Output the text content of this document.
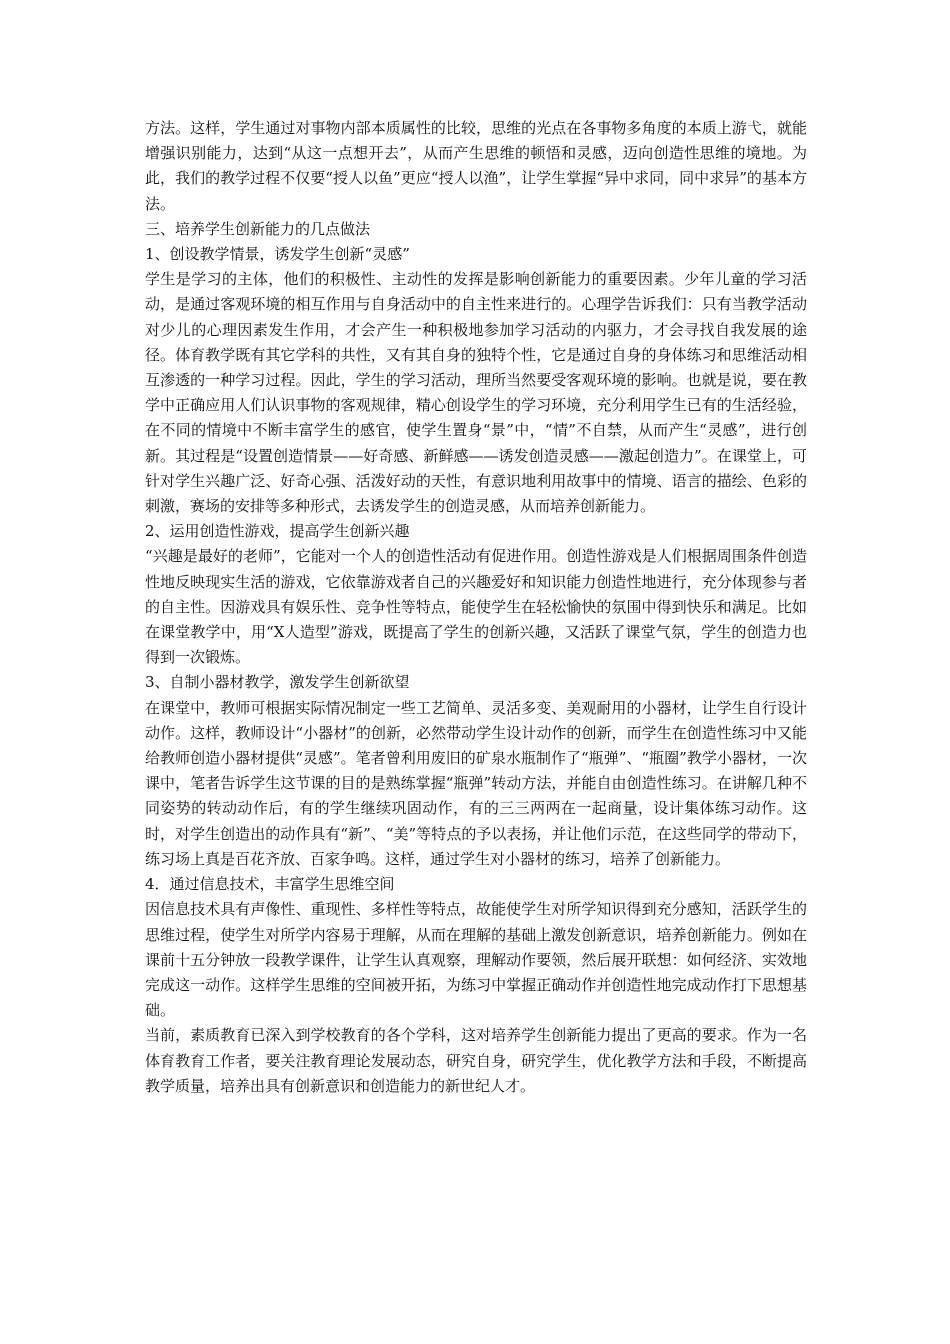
方法。这样，学生通过对事物内部本质属性的比较，思维的光点在各事物多角度的本质上游弋，就能增强识别能力，达到“从这一点想开去”，从而产生思维的顿悟和灵感，迈向创造性思维的境地。为此，我们的教学过程不仅要“授人以鱼”更应“授人以渔”，让学生掌握“异中求同，同中求异”的基本方法。

三、培养学生创新能力的几点做法

1、创设教学情景，诱发学生创新“灵感”

学生是学习的主体，他们的积极性、主动性的发挥是影响创新能力的重要因素。少年儿童的学习活动，是通过客观环境的相互作用与自身活动中的自主性来进行的。心理学告诉我们：只有当教学活动对少儿的心理因素发生作用，才会产生一种积极地参加学习活动的内驱力，才会寻找自我发展的途径。体育教学既有其它学科的共性，又有其自身的独特个性，它是通过自身的身体练习和思维活动相互渗透的一种学习过程。因此，学生的学习活动，理所当然要受客观环境的影响。也就是说，要在教学中正确应用人们认识事物的客观规律，精心创设学生的学习环境，充分利用学生已有的生活经验，在不同的情境中不断丰富学生的感官，使学生置身“景”中，“情”不自禁，从而产生“灵感”，进行创新。其过程是“设置创造情景——好奇感、新鲜感——诱发创造灵感——激起创造力”。在课堂上，可针对学生兴趣广泛、好奇心强、活泼好动的天性，有意识地利用故事中的情境、语言的描绘、色彩的刺激，赛场的安排等多种形式，去诱发学生的创造灵感，从而培养创新能力。

2、运用创造性游戏，提高学生创新兴趣

“兴趣是最好的老师”，它能对一个人的创造性活动有促进作用。创造性游戏是人们根据周围条件创造性地反映现实生活的游戏，它依靠游戏者自己的兴趣爱好和知识能力创造性地进行，充分体现参与者的自主性。因游戏具有娱乐性、竞争性等特点，能使学生在轻松愉快的氛围中得到快乐和满足。比如在课堂教学中，用“X人造型”游戏，既提高了学生的创新兴趣，又活跃了课堂气氛，学生的创造力也得到一次锻炼。

3、自制小器材教学，激发学生创新欲望

在课堂中，教师可根据实际情况制定一些工艺简单、灵活多变、美观耐用的小器材，让学生自行设计动作。这样，教师设计“小器材”的创新，必然带动学生设计动作的创新，而学生在创造性练习中又能给教师创造小器材提供“灵感”。笔者曾利用废旧的矿泉水瓶制作了“瓶弹”、“瓶圈”教学小器材，一次课中，笔者告诉学生这节课的目的是熟练掌握“瓶弹”转动方法，并能自由创造性练习。在讲解几种不同姿势的转动动作后，有的学生继续巩固动作，有的三三两两在一起商量，设计集体练习动作。这时，对学生创造出的动作具有“新”、“美”等特点的予以表扬，并让他们示范，在这些同学的带动下，练习场上真是百花齐放、百家争鸣。这样，通过学生对小器材的练习，培养了创新能力。

4．通过信息技术，丰富学生思维空间

因信息技术具有声像性、重现性、多样性等特点，故能使学生对所学知识得到充分感知，活跃学生的思维过程，使学生对所学内容易于理解，从而在理解的基础上激发创新意识，培养创新能力。例如在课前十五分钟放一段教学课件，让学生认真观察，理解动作要领，然后展开联想：如何经济、实效地完成这一动作。这样学生思维的空间被开拓，为练习中掌握正确动作并创造性地完成动作打下思想基础。

当前，素质教育已深入到学校教育的各个学科，这对培养学生创新能力提出了更高的要求。作为一名体育教育工作者，要关注教育理论发展动态，研究自身，研究学生，优化教学方法和手段，不断提高教学质量，培养出具有创新意识和创造能力的新世纪人才。
